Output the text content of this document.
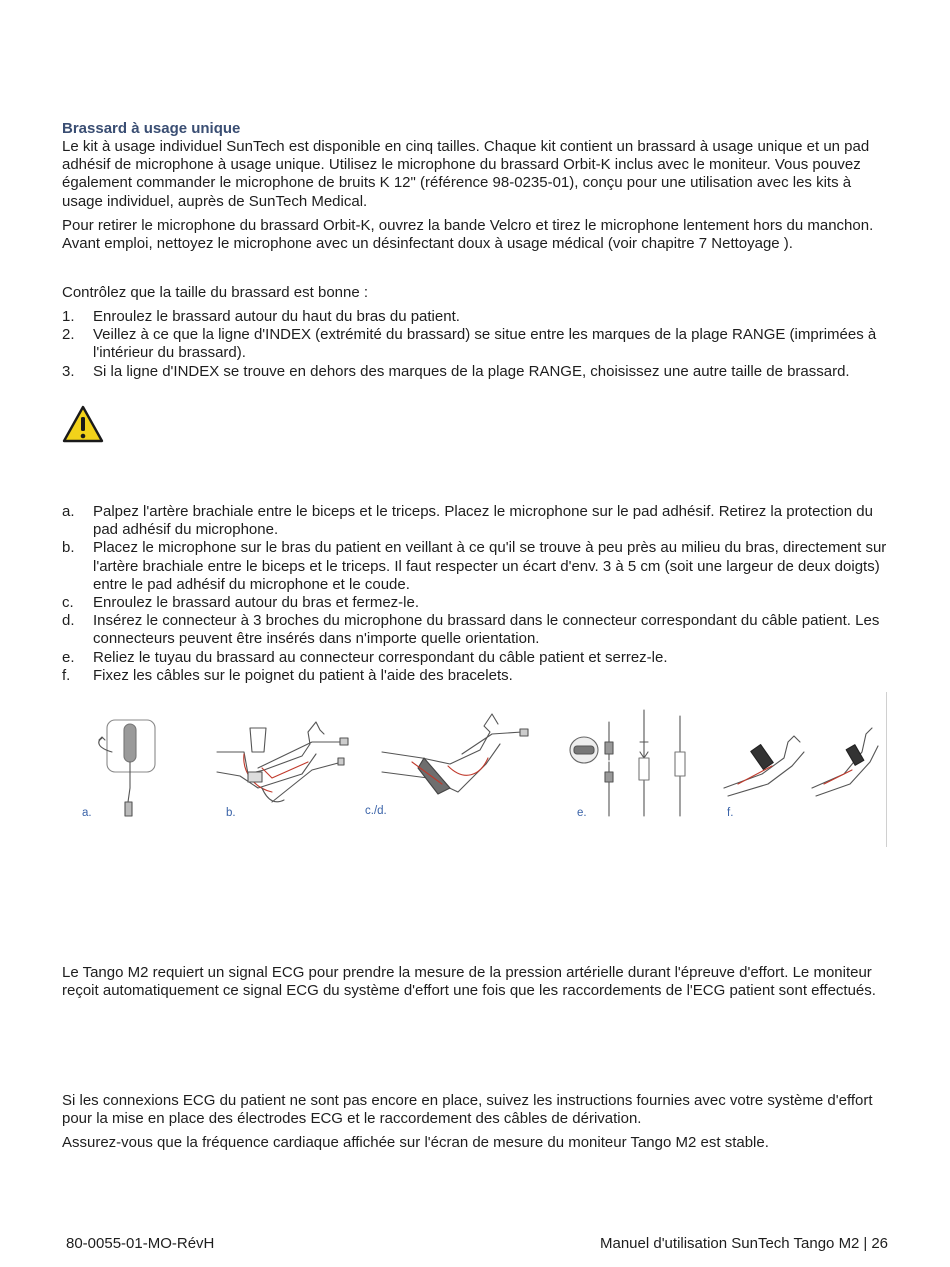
Brassard à usage unique

Le kit à usage individuel SunTech est disponible en cinq tailles. Chaque kit contient un brassard à usage unique et un pad adhésif de microphone à usage unique. Utilisez le microphone du brassard Orbit-K inclus avec le moniteur. Vous pouvez également commander le microphone de bruits K 12" (référence 98-0235-01), conçu pour une utilisation avec les kits à usage individuel, auprès de SunTech Medical.

Pour retirer le microphone du brassard Orbit-K, ouvrez la bande Velcro et tirez le microphone lentement hors du manchon. Avant emploi, nettoyez le microphone avec un désinfectant doux à usage médical (voir chapitre 7 Nettoyage ).

Contrôlez que la taille du brassard est bonne :

1. Enroulez le brassard autour du haut du bras du patient.
2. Veillez à ce que la ligne d'INDEX (extrémité du brassard) se situe entre les marques de la plage RANGE (imprimées à l'intérieur du brassard).
3. Si la ligne d'INDEX se trouve en dehors des marques de la plage RANGE, choisissez une autre taille de brassard.
a. Palpez l'artère brachiale entre le biceps et le triceps. Placez le microphone sur le pad adhésif. Retirez la protection du pad adhésif du microphone.
b. Placez le microphone sur le bras du patient en veillant à ce qu'il se trouve à peu près au milieu du bras, directement sur l'artère brachiale entre le biceps et le triceps. Il faut respecter un écart d'env. 3 à 5 cm (soit une largeur de deux doigts) entre le pad adhésif du microphone et le coude.
c. Enroulez le brassard autour du bras et fermez-le.
d. Insérez le connecteur à 3 broches du microphone du brassard dans le connecteur correspondant du câble patient. Les connecteurs peuvent être insérés dans n'importe quelle orientation.
e. Reliez le tuyau du brassard au connecteur correspondant du câble patient et serrez-le.
f. Fixez les câbles sur le poignet du patient à l'aide des bracelets.
a.	b.	c./d.	e.	f.

Le Tango M2 requiert un signal ECG pour prendre la mesure de la pression artérielle durant l'épreuve d'effort. Le moniteur reçoit automatiquement ce signal ECG du système d'effort une fois que les raccordements de l'ECG patient sont effectués.

Si les connexions ECG du patient ne sont pas encore en place, suivez les instructions fournies avec votre système d'effort pour la mise en place des électrodes ECG et le raccordement des câbles de dérivation.

Assurez-vous que la fréquence cardiaque affichée sur l'écran de mesure du moniteur Tango M2 est stable.

80-0055-01-MO-RévH	Manuel d'utilisation SunTech Tango M2 | 26
